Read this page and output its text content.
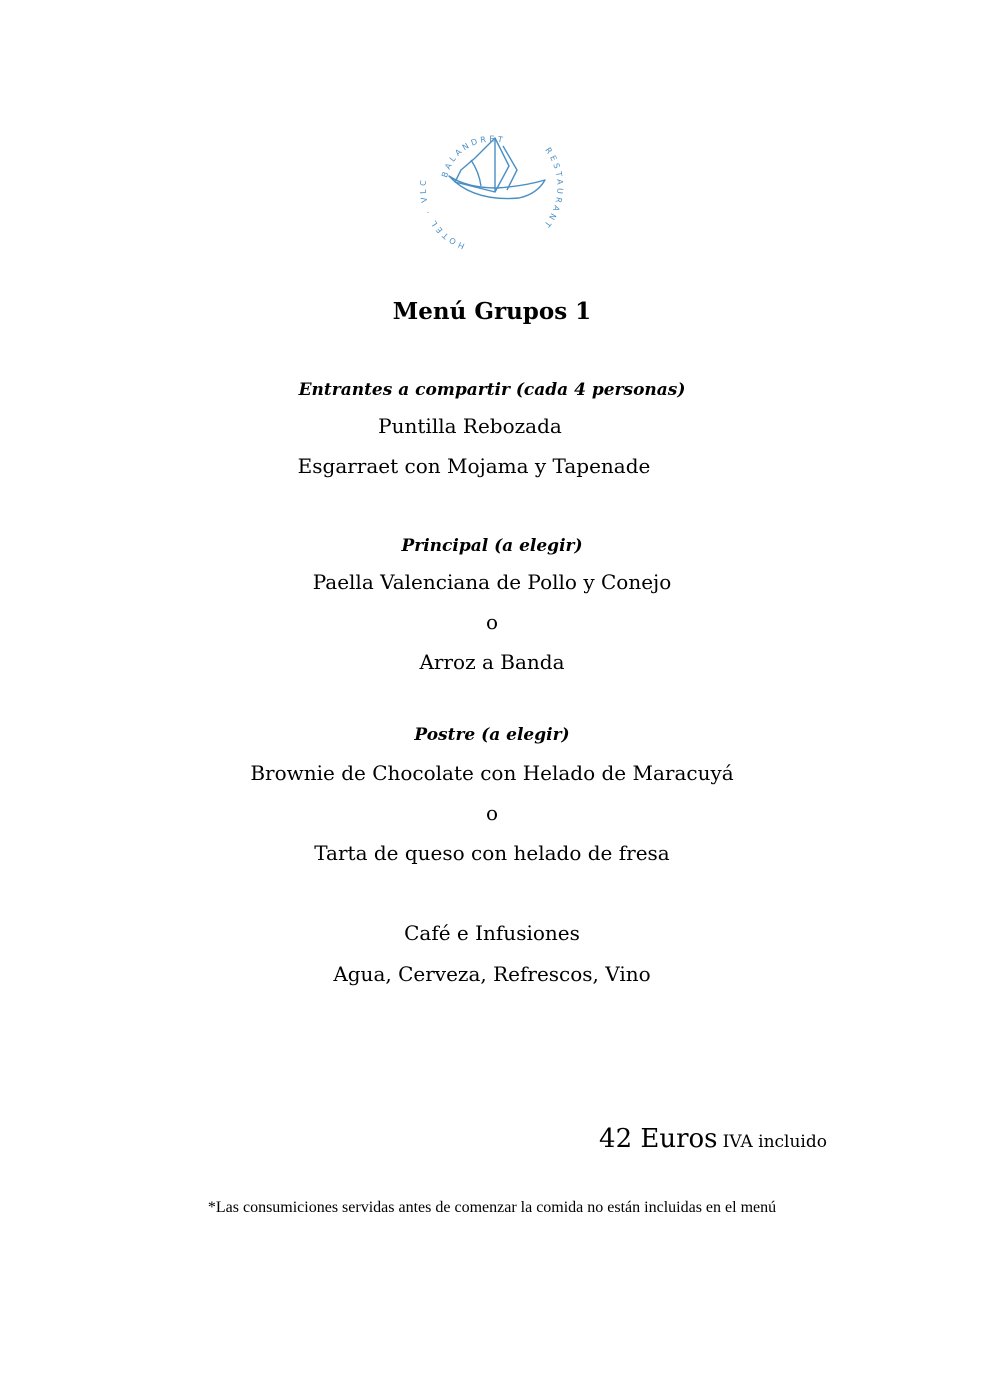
BALANDRET
RESTAURANT
HOTEL · VLC
Menú Grupos 1
Entrantes a compartir (cada 4 personas)
Puntilla Rebozada
Esgarraet con Mojama y Tapenade
Principal (a elegir)
Paella Valenciana de Pollo y Conejo
o
Arroz a Banda
Postre (a elegir)
Brownie de Chocolate con Helado de Maracuyá
o
Tarta de queso con helado de fresa
Café e Infusiones
Agua, Cerveza, Refrescos, Vino
42 Euros IVA incluido
*Las consumiciones servidas antes de comenzar la comida no están incluidas en el menú
